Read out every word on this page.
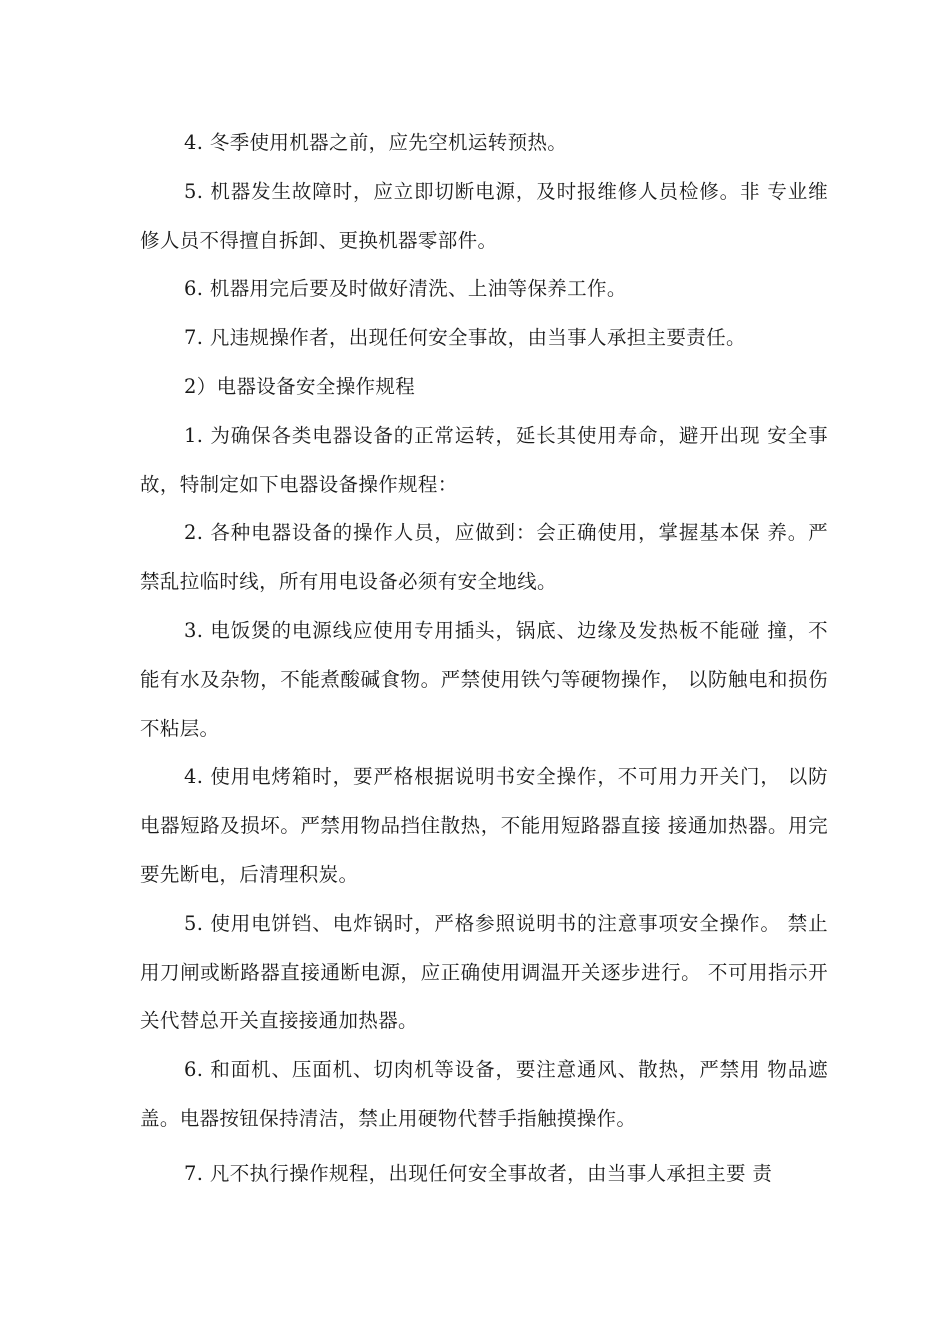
4. 冬季使用机器之前，应先空机运转预热。

5. 机器发生故障时，应立即切断电源，及时报维修人员检修。非 专业维修人员不得擅自拆卸、更换机器零部件。

6. 机器用完后要及时做好清洗、上油等保养工作。

7. 凡违规操作者，出现任何安全事故，由当事人承担主要责任。

2）电器设备安全操作规程

1. 为确保各类电器设备的正常运转，延长其使用寿命，避开出现 安全事故，特制定如下电器设备操作规程：

2. 各种电器设备的操作人员，应做到：会正确使用，掌握基本保 养。严禁乱拉临时线，所有用电设备必须有安全地线。

3. 电饭煲的电源线应使用专用插头，锅底、边缘及发热板不能碰 撞，不能有水及杂物，不能煮酸碱食物。严禁使用铁勺等硬物操作， 以防触电和损伤不粘层。

4. 使用电烤箱时，要严格根据说明书安全操作，不可用力开关门， 以防电器短路及损坏。严禁用物品挡住散热，不能用短路器直接 接通加热器。用完要先断电，后清理积炭。

5. 使用电饼铛、电炸锅时，严格参照说明书的注意事项安全操作。 禁止用刀闸或断路器直接通断电源，应正确使用调温开关逐步进行。 不可用指示开关代替总开关直接接通加热器。

6. 和面机、压面机、切肉机等设备，要注意通风、散热，严禁用 物品遮盖。电器按钮保持清洁，禁止用硬物代替手指触摸操作。

7. 凡不执行操作规程，出现任何安全事故者，由当事人承担主要 责
